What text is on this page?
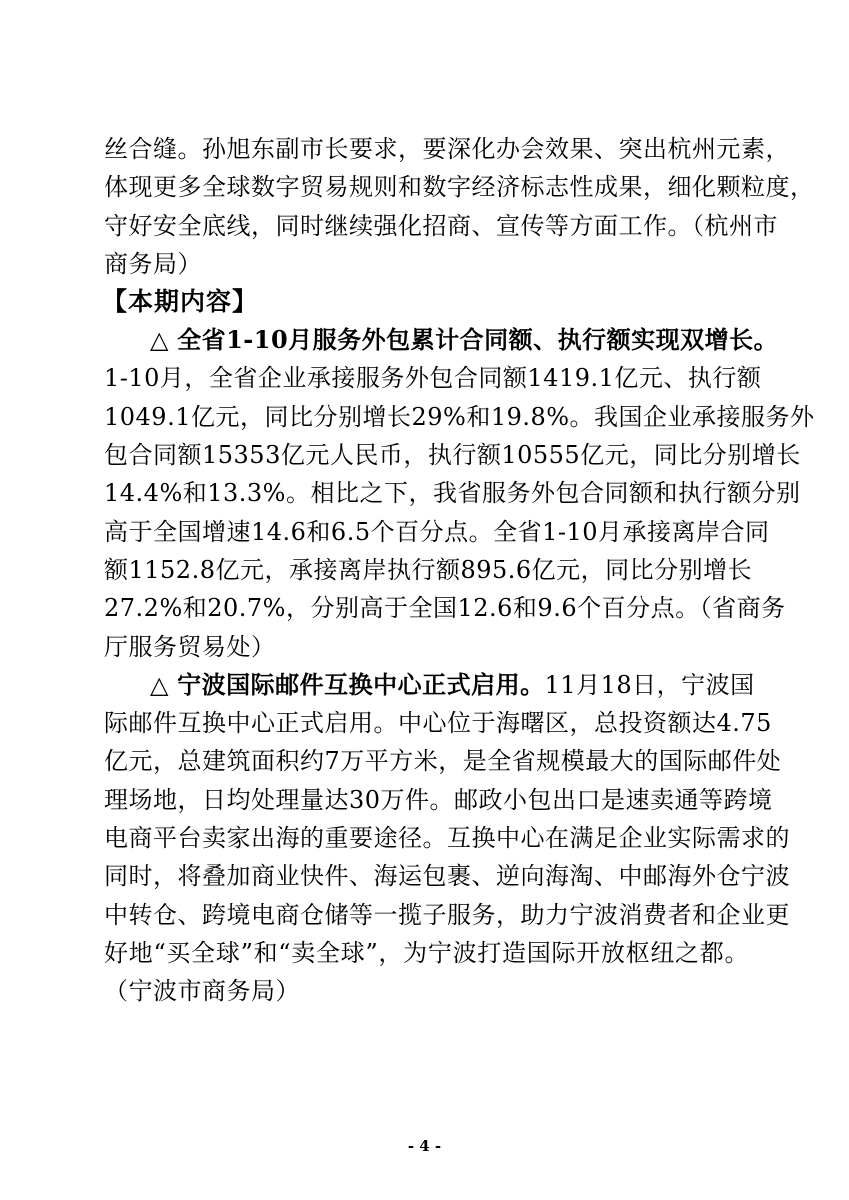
丝合缝。孙旭东副市长要求，要深化办会效果、突出杭州元素，
体现更多全球数字贸易规则和数字经济标志性成果，细化颗粒度，
守好安全底线，同时继续强化招商、宣传等方面工作。（杭州市
商务局）
【本期内容】
△ 全省1-10月服务外包累计合同额、执行额实现双增长。
1-10月，全省企业承接服务外包合同额1419.1亿元、执行额
1049.1亿元，同比分别增长29%和19.8%。我国企业承接服务外
包合同额15353亿元人民币，执行额10555亿元，同比分别增长
14.4%和13.3%。相比之下，我省服务外包合同额和执行额分别
高于全国增速14.6和6.5个百分点。全省1-10月承接离岸合同
额1152.8亿元，承接离岸执行额895.6亿元，同比分别增长
27.2%和20.7%，分别高于全国12.6和9.6个百分点。（省商务
厅服务贸易处）
△ 宁波国际邮件互换中心正式启用。11月18日，宁波国
际邮件互换中心正式启用。中心位于海曙区，总投资额达4.75
亿元，总建筑面积约7万平方米，是全省规模最大的国际邮件处
理场地，日均处理量达30万件。邮政小包出口是速卖通等跨境
电商平台卖家出海的重要途径。互换中心在满足企业实际需求的
同时，将叠加商业快件、海运包裹、逆向海淘、中邮海外仓宁波
中转仓、跨境电商仓储等一揽子服务，助力宁波消费者和企业更
好地“买全球”和“卖全球”，为宁波打造国际开放枢纽之都。
（宁波市商务局）
- 4 -
